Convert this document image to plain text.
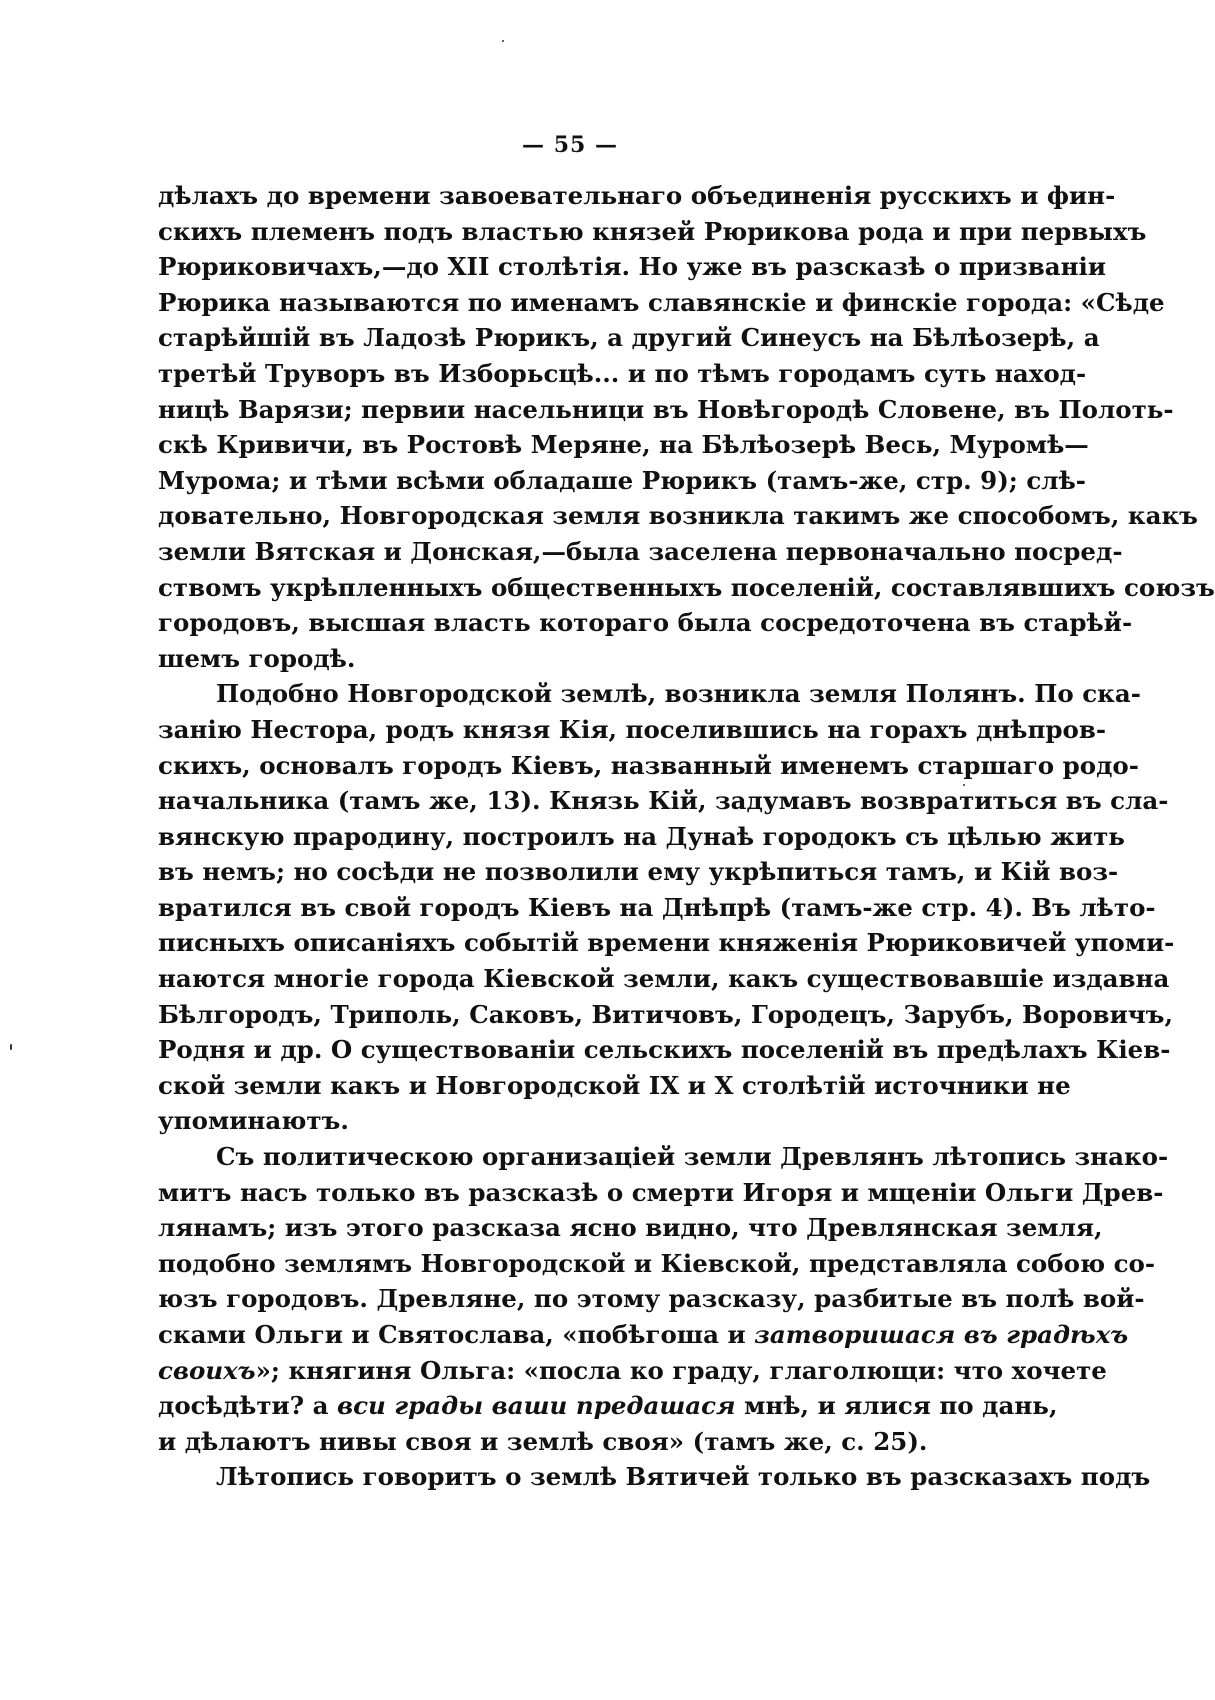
— 55 —
дѣлахъ до времени завоевательнаго объединенія русскихъ и фин-
скихъ племенъ подъ властью князей Рюрикова рода и при первыхъ
Рюриковичахъ,—до XII столѣтія. Но уже въ разсказѣ о призваніи
Рюрика называются по именамъ славянскіе и финскіе города: «Сѣде
старѣйшій въ Ладозѣ Рюрикъ, а другий Синеусъ на Бѣлѣозерѣ, а
третѣй Труворъ въ Изборьсцѣ... и по тѣмъ городамъ суть наход-
ницѣ Варязи; первии насельници въ Новѣгородѣ Словене, въ Полоть-
скѣ Кривичи, въ Ростовѣ Меряне, на Бѣлѣозерѣ Весь, Муромѣ—
Мурома; и тѣми всѣми обладаше Рюрикъ (тамъ-же, стр. 9); слѣ-
довательно, Новгородская земля возникла такимъ же способомъ, какъ
земли Вятская и Донская,—была заселена первоначально посред-
ствомъ укрѣпленныхъ общественныхъ поселеній, составлявшихъ союзъ
городовъ, высшая власть котораго была сосредоточена въ старѣй-
шемъ городѣ.
Подобно Новгородской землѣ, возникла земля Полянъ. По ска-
занію Нестора, родъ князя Кія, поселившись на горахъ днѣпров-
скихъ, основалъ городъ Кіевъ, названный именемъ старшаго родо-
начальника (тамъ же, 13). Князь Кій, задумавъ возвратиться въ сла-
вянскую прародину, построилъ на Дунаѣ городокъ съ цѣлью жить
въ немъ; но сосѣди не позволили ему укрѣпиться тамъ, и Кій воз-
вратился въ свой городъ Кіевъ на Днѣпрѣ (тамъ-же стр. 4). Въ лѣто-
писныхъ описаніяхъ событій времени княженія Рюриковичей упоми-
наются многіе города Кіевской земли, какъ существовавшіе издавна
Бѣлгородъ, Триполь, Саковъ, Витичовъ, Городецъ, Зарубъ, Воровичъ,
Родня и др. О существованіи сельскихъ поселеній въ предѣлахъ Кіев-
ской земли какъ и Новгородской IX и X столѣтій источники не
упоминаютъ.
Съ политическою организаціей земли Древлянъ лѣтопись знако-
митъ насъ только въ разсказѣ о смерти Игоря и мщеніи Ольги Древ-
лянамъ; изъ этого разсказа ясно видно, что Древлянская земля,
подобно землямъ Новгородской и Кіевской, представляла собою со-
юзъ городовъ. Древляне, по этому разсказу, разбитые въ полѣ вой-
сками Ольги и Святослава, «побѣгоша и затворишася въ градѣхъ
своихъ»; княгиня Ольга: «посла ко граду, глаголющи: что хочете
досѣдѣти? а вси грады ваши предашася мнѣ, и ялися по дань,
и дѣлаютъ нивы своя и землѣ своя» (тамъ же, с. 25).
Лѣтопись говоритъ о землѣ Вятичей только въ разсказахъ подъ
